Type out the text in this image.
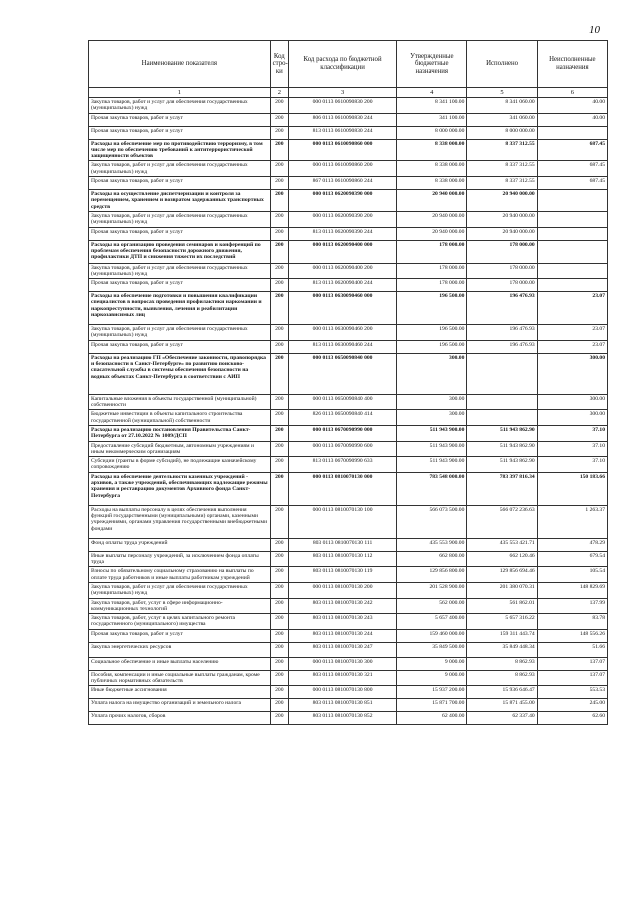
10
Наименование показателя	Код стро-ки	Код расхода по бюджетной классификации	Утвержденные бюджетные назначения	Исполнено	Неисполненные назначения
1	2	3	4	5	6
Закупка товаров, работ и услуг для обеспечения государственных (муниципальных) нужд	200	000 0113 0610090830 200	8 341 100.00	8 341 060.00	40.00
Прочая закупка товаров, работ и услуг	200	806 0113 0610090830 244	341 100.00	341 060.00	40.00
Прочая закупка товаров, работ и услуг	200	813 0113 0610090830 244	8 000 000.00	8 000 000.00	
Расходы на обеспечение мер по противодействию терроризму, в том числе мер по обеспечению требований к антитеррористической защищенности объектов	200	000 0113 0610090860 000	8 338 000.00	8 337 312.55	687.45
Закупка товаров, работ и услуг для обеспечения государственных (муниципальных) нужд	200	000 0113 0610090860 200	8 338 000.00	8 337 312.55	687.45
Прочая закупка товаров, работ и услуг	200	867 0113 0610090860 244	8 338 000.00	8 337 312.55	687.45
Расходы на осуществление диспетчеризации и контроля за перемещением, хранением и возвратом задержанных транспортных средств	200	000 0113 0620090390 000	20 940 000.00	20 940 000.00	
Закупка товаров, работ и услуг для обеспечения государственных (муниципальных) нужд	200	000 0113 0620090390 200	20 940 000.00	20 940 000.00	
Прочая закупка товаров, работ и услуг	200	813 0113 0620090390 244	20 940 000.00	20 940 000.00	
Расходы на организацию проведения семинаров и конференций по проблемам обеспечения безопасности дорожного движения, профилактики ДТП и снижения тяжести их последствий	200	000 0113 0620090400 000	178 000.00	178 000.00	
Закупка товаров, работ и услуг для обеспечения государственных (муниципальных) нужд	200	000 0113 0620090400 200	178 000.00	178 000.00	
Прочая закупка товаров, работ и услуг	200	813 0113 0620090400 244	178 000.00	178 000.00	
Расходы на обеспечение подготовки и повышения квалификации специалистов в вопросах проведения профилактики наркомании и наркопреступности, выявления, лечения и реабилитации наркозависимых лиц	200	000 0113 0630090460 000	196 500.00	196 476.93	23.07
Закупка товаров, работ и услуг для обеспечения государственных (муниципальных) нужд	200	000 0113 0630090460 200	196 500.00	196 476.93	23.07
Прочая закупка товаров, работ и услуг	200	813 0113 0630090460 244	196 500.00	196 476.93	23.07
Расходы на реализацию ГП «Обеспечение законности, правопорядка и безопасности в Санкт-Петербурге» по развитию поисково-спасательной службы в системы обеспечения безопасности на водных объектах Санкт-Петербурга в соответствии с АИП	200	000 0113 0650090840 000	300.00		300.00
Капитальные вложения в объекты государственной (муниципальной) собственности	200	000 0113 0650090840 400	300.00		300.00
Бюджетные инвестиции в объекты капитального строительства государственной (муниципальной) собственности	200	826 0113 0650090840 414	300.00		300.00
Расходы на реализацию постановления Правительства Санкт-Петербурга от 27.10.2022 № 1009/ДСП	200	000 0113 0670090990 000	511 943 900.00	511 943 862.90	37.10
Предоставление субсидий бюджетным, автономным учреждениям и иным некоммерческим организациям	200	000 0113 0670090990 600	511 943 900.00	511 943 862.90	37.10
Субсидии (гранты в форме субсидий), не подлежащие казначейскому сопровождению	200	813 0113 0670090990 633	511 943 900.00	511 943 862.90	37.10
Расходы на обеспечение деятельности казенных учреждений - архивов, а также учреждений, обеспечивающих надлежащие режимы хранения и реставрацию документов Архивного фонда Санкт-Петербурга	200	000 0113 0810070130 000	783 548 000.00	783 397 816.34	150 183.66
Расходы на выплаты персоналу в целях обеспечения выполнения функций государственными (муниципальными) органами, казенными учреждениями, органами управления государственными внебюджетными фондами	200	000 0113 0810070130 100	566 073 500.00	566 072 236.63	1 263.37
Фонд оплаты труда учреждений	200	803 0113 0810070130 111	435 553 900.00	435 553 421.71	478.29
Иные выплаты персоналу учреждений, за исключением фонда оплаты труда	200	803 0113 0810070130 112	662 800.00	662 120.46	679.54
Взносы по обязательному социальному страхованию на выплаты по оплате труда работников и иные выплаты работникам учреждений	200	803 0113 0810070130 119	129 856 800.00	129 856 694.46	105.54
Закупка товаров, работ и услуг для обеспечения государственных (муниципальных) нужд	200	000 0113 0810070130 200	201 528 900.00	201 380 070.31	148 829.69
Закупка товаров, работ, услуг в сфере информационно-коммуникационных технологий	200	803 0113 0810070130 242	562 000.00	561 862.01	137.99
Закупка товаров, работ, услуг в целях капитального ремонта государственного (муниципального) имущества	200	803 0113 0810070130 243	5 657 400.00	5 657 316.22	83.78
Прочая закупка товаров, работ и услуг	200	803 0113 0810070130 244	159 460 000.00	159 311 443.74	148 556.26
Закупка энергетических ресурсов	200	803 0113 0810070130 247	35 849 500.00	35 849 448.34	51.66
Социальное обеспечение и иные выплаты населению	200	000 0113 0810070130 300	9 000.00	8 862.93	137.07
Пособия, компенсации и иные социальные выплаты гражданам, кроме публичных нормативных обязательств	200	803 0113 0810070130 321	9 000.00	8 862.93	137.07
Иные бюджетные ассигнования	200	000 0113 0810070130 800	15 937 200.00	15 936 646.47	553.53
Уплата налога на имущество организаций и земельного налога	200	803 0113 0810070130 851	15 871 700.00	15 871 455.00	245.00
Уплата прочих налогов, сборов	200	803 0113 0810070130 852	62 400.00	62 337.40	62.60
